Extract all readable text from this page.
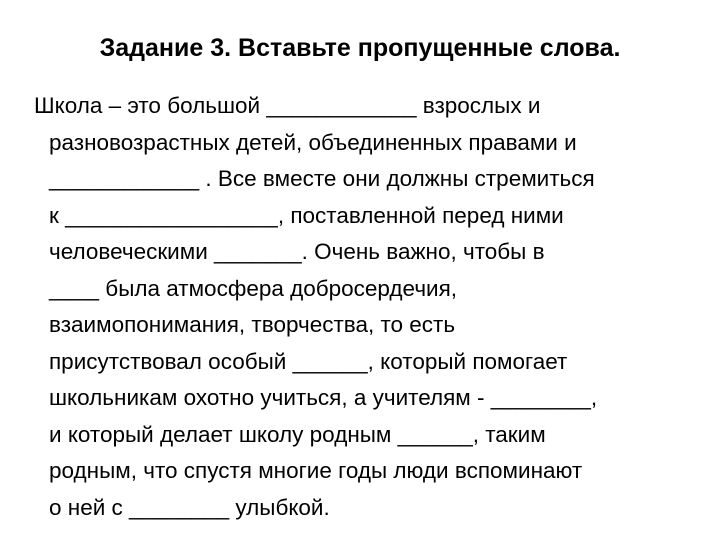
Задание 3. Вставьте пропущенные слова.
Школа – это большой ____________ взрослых и
разновозрастных детей, объединенных правами и
____________ . Все вместе они должны стремиться
к _________________, поставленной перед ними
человеческими _______. Очень важно, чтобы в
____ была атмосфера добросердечия,
взаимопонимания, творчества, то есть
присутствовал особый ______, который помогает
школьникам охотно учиться, а учителям - ________,
и который делает школу родным ______, таким
родным, что спустя многие годы люди вспоминают
о ней с ________ улыбкой.
